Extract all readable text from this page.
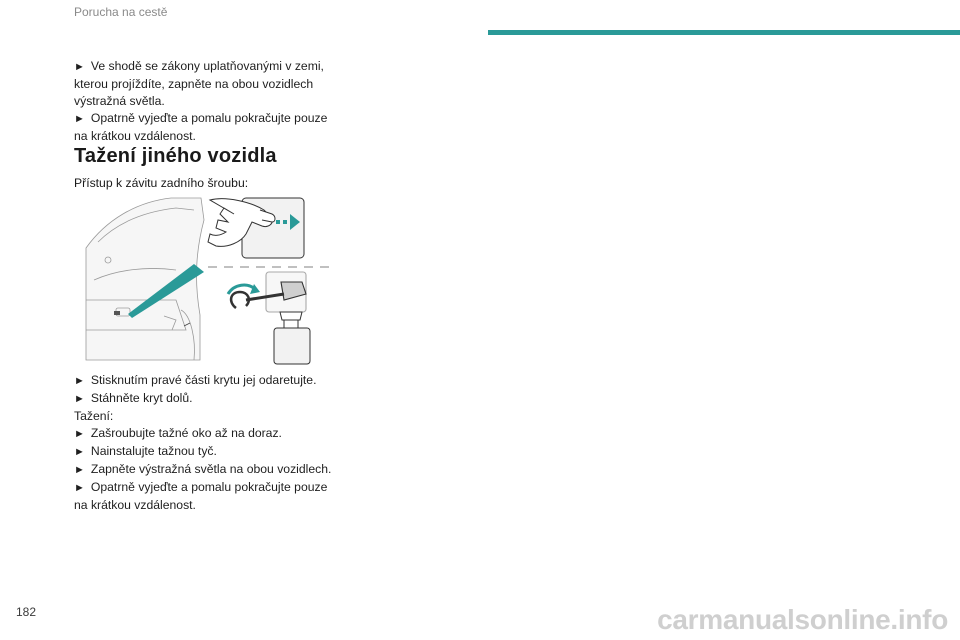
Porucha na cestě

► Ve shodě se zákony uplatňovanými v zemi, kterou projíždíte, zapněte na obou vozidlech výstražná světla.

► Opatrně vyjeďte a pomalu pokračujte pouze na krátkou vzdálenost.

Tažení jiného vozidla
Přístup k závitu zadního šroubu:

► Stisknutím pravé části krytu jej odaretujte.

► Stáhněte kryt dolů.

Tažení:

► Zašroubujte tažné oko až na doraz.

► Nainstalujte tažnou tyč.

► Zapněte výstražná světla na obou vozidlech.

► Opatrně vyjeďte a pomalu pokračujte pouze na krátkou vzdálenost.

182	carmanualsonline.info
